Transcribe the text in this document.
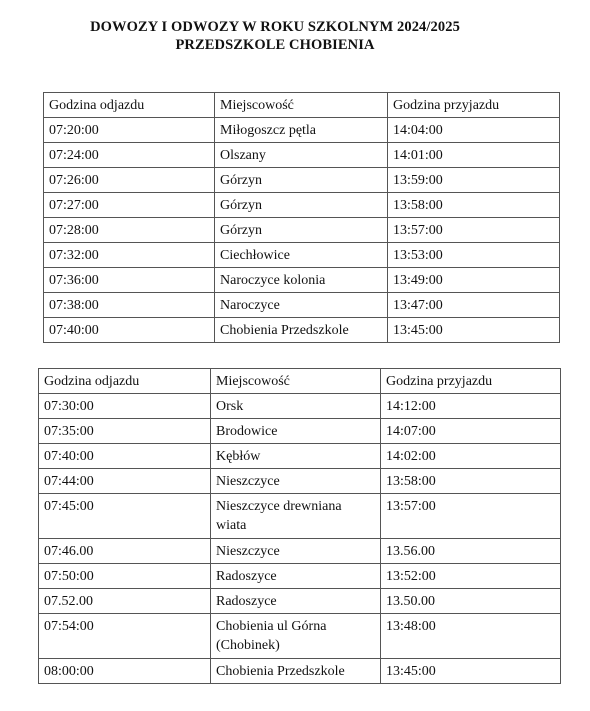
DOWOZY I ODWOZY W ROKU SZKOLNYM 2024/2025
PRZEDSZKOLE CHOBIENIA
Godzina odjazdu	Miejscowość	Godzina przyjazdu
07:20:00	Miłogoszcz pętla	14:04:00
07:24:00	Olszany	14:01:00
07:26:00	Górzyn	13:59:00
07:27:00	Górzyn	13:58:00
07:28:00	Górzyn	13:57:00
07:32:00	Ciechłowice	13:53:00
07:36:00	Naroczyce kolonia	13:49:00
07:38:00	Naroczyce	13:47:00
07:40:00	Chobienia Przedszkole	13:45:00
Godzina odjazdu	Miejscowość	Godzina przyjazdu
07:30:00	Orsk	14:12:00
07:35:00	Brodowice	14:07:00
07:40:00	Kębłów	14:02:00
07:44:00	Nieszczyce	13:58:00
07:45:00	Nieszczyce drewniana wiata	13:57:00
07:46.00	Nieszczyce	13.56.00
07:50:00	Radoszyce	13:52:00
07.52.00	Radoszyce	13.50.00
07:54:00	Chobienia ul Górna (Chobinek)	13:48:00
08:00:00	Chobienia Przedszkole	13:45:00
